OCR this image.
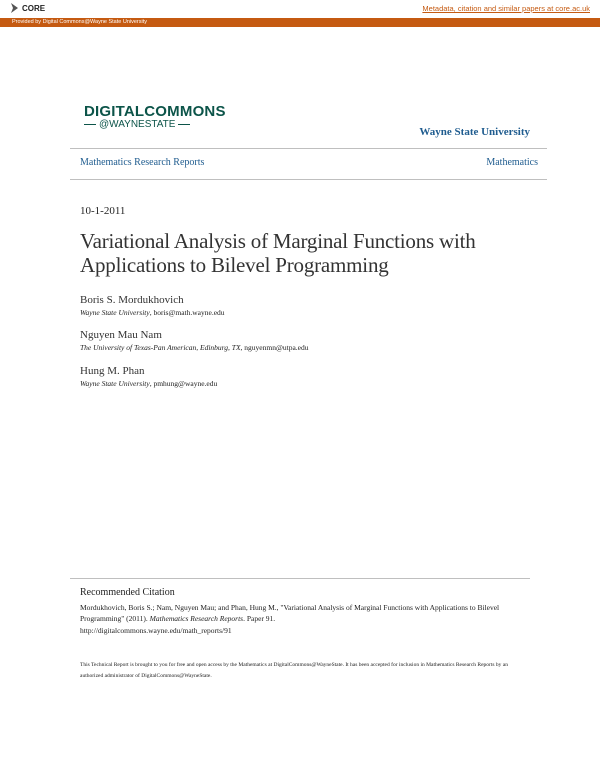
CORE	Metadata, citation and similar papers at core.ac.uk
Provided by Digital Commons@Wayne State University
DIGITALCOMMONS
@WAYNESTATE
Wayne State University
Mathematics Research Reports	Mathematics
10-1-2011
Variational Analysis of Marginal Functions with Applications to Bilevel Programming
Boris S. Mordukhovich
Wayne State University, boris@math.wayne.edu
Nguyen Mau Nam
The University of Texas-Pan American, Edinburg, TX, nguyenmn@utpa.edu
Hung M. Phan
Wayne State University, pmhung@wayne.edu
Recommended Citation
Mordukhovich, Boris S.; Nam, Nguyen Mau; and Phan, Hung M., "Variational Analysis of Marginal Functions with Applications to Bilevel Programming" (2011). Mathematics Research Reports. Paper 91.
http://digitalcommons.wayne.edu/math_reports/91
This Technical Report is brought to you for free and open access by the Mathematics at DigitalCommons@WayneState. It has been accepted for inclusion in Mathematics Research Reports by an authorized administrator of DigitalCommons@WayneState.
